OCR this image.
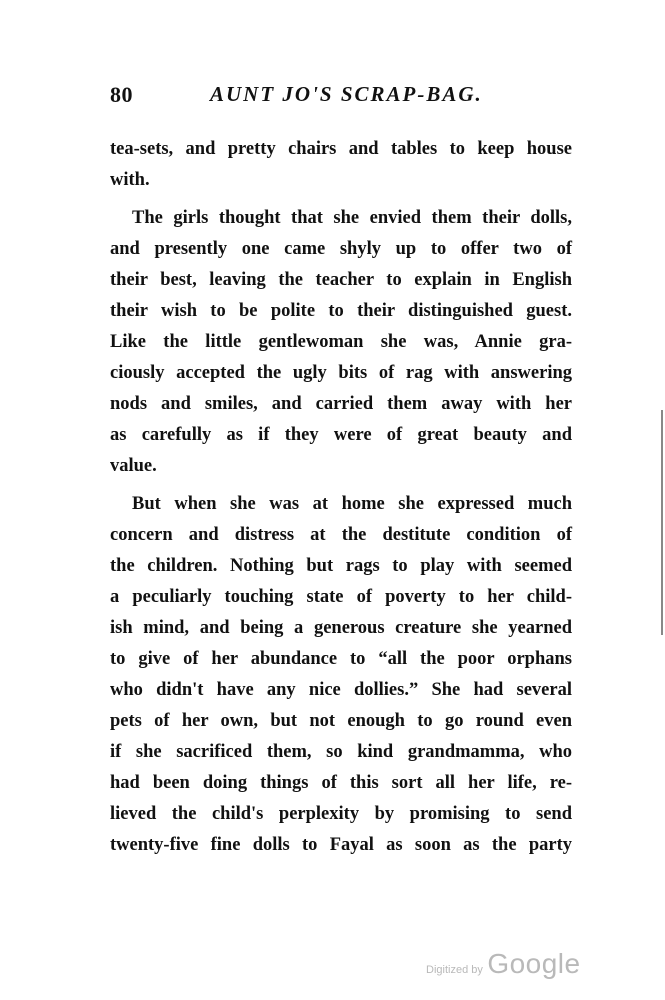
80	AUNT JO'S SCRAP-BAG.
tea-sets, and pretty chairs and tables to keep house
with.
The girls thought that she envied them their dolls,
and presently one came shyly up to offer two of
their best, leaving the teacher to explain in English
their wish to be polite to their distinguished guest.
Like the little gentlewoman she was, Annie gra-
ciously accepted the ugly bits of rag with answering
nods and smiles, and carried them away with her
as carefully as if they were of great beauty and
value.
But when she was at home she expressed much
concern and distress at the destitute condition of
the children. Nothing but rags to play with seemed
a peculiarly touching state of poverty to her child-
ish mind, and being a generous creature she yearned
to give of her abundance to “all the poor orphans
who didn't have any nice dollies.” She had several
pets of her own, but not enough to go round even
if she sacrificed them, so kind grandmamma, who
had been doing things of this sort all her life, re-
lieved the child's perplexity by promising to send
twenty-five fine dolls to Fayal as soon as the party
Digitized by Google
